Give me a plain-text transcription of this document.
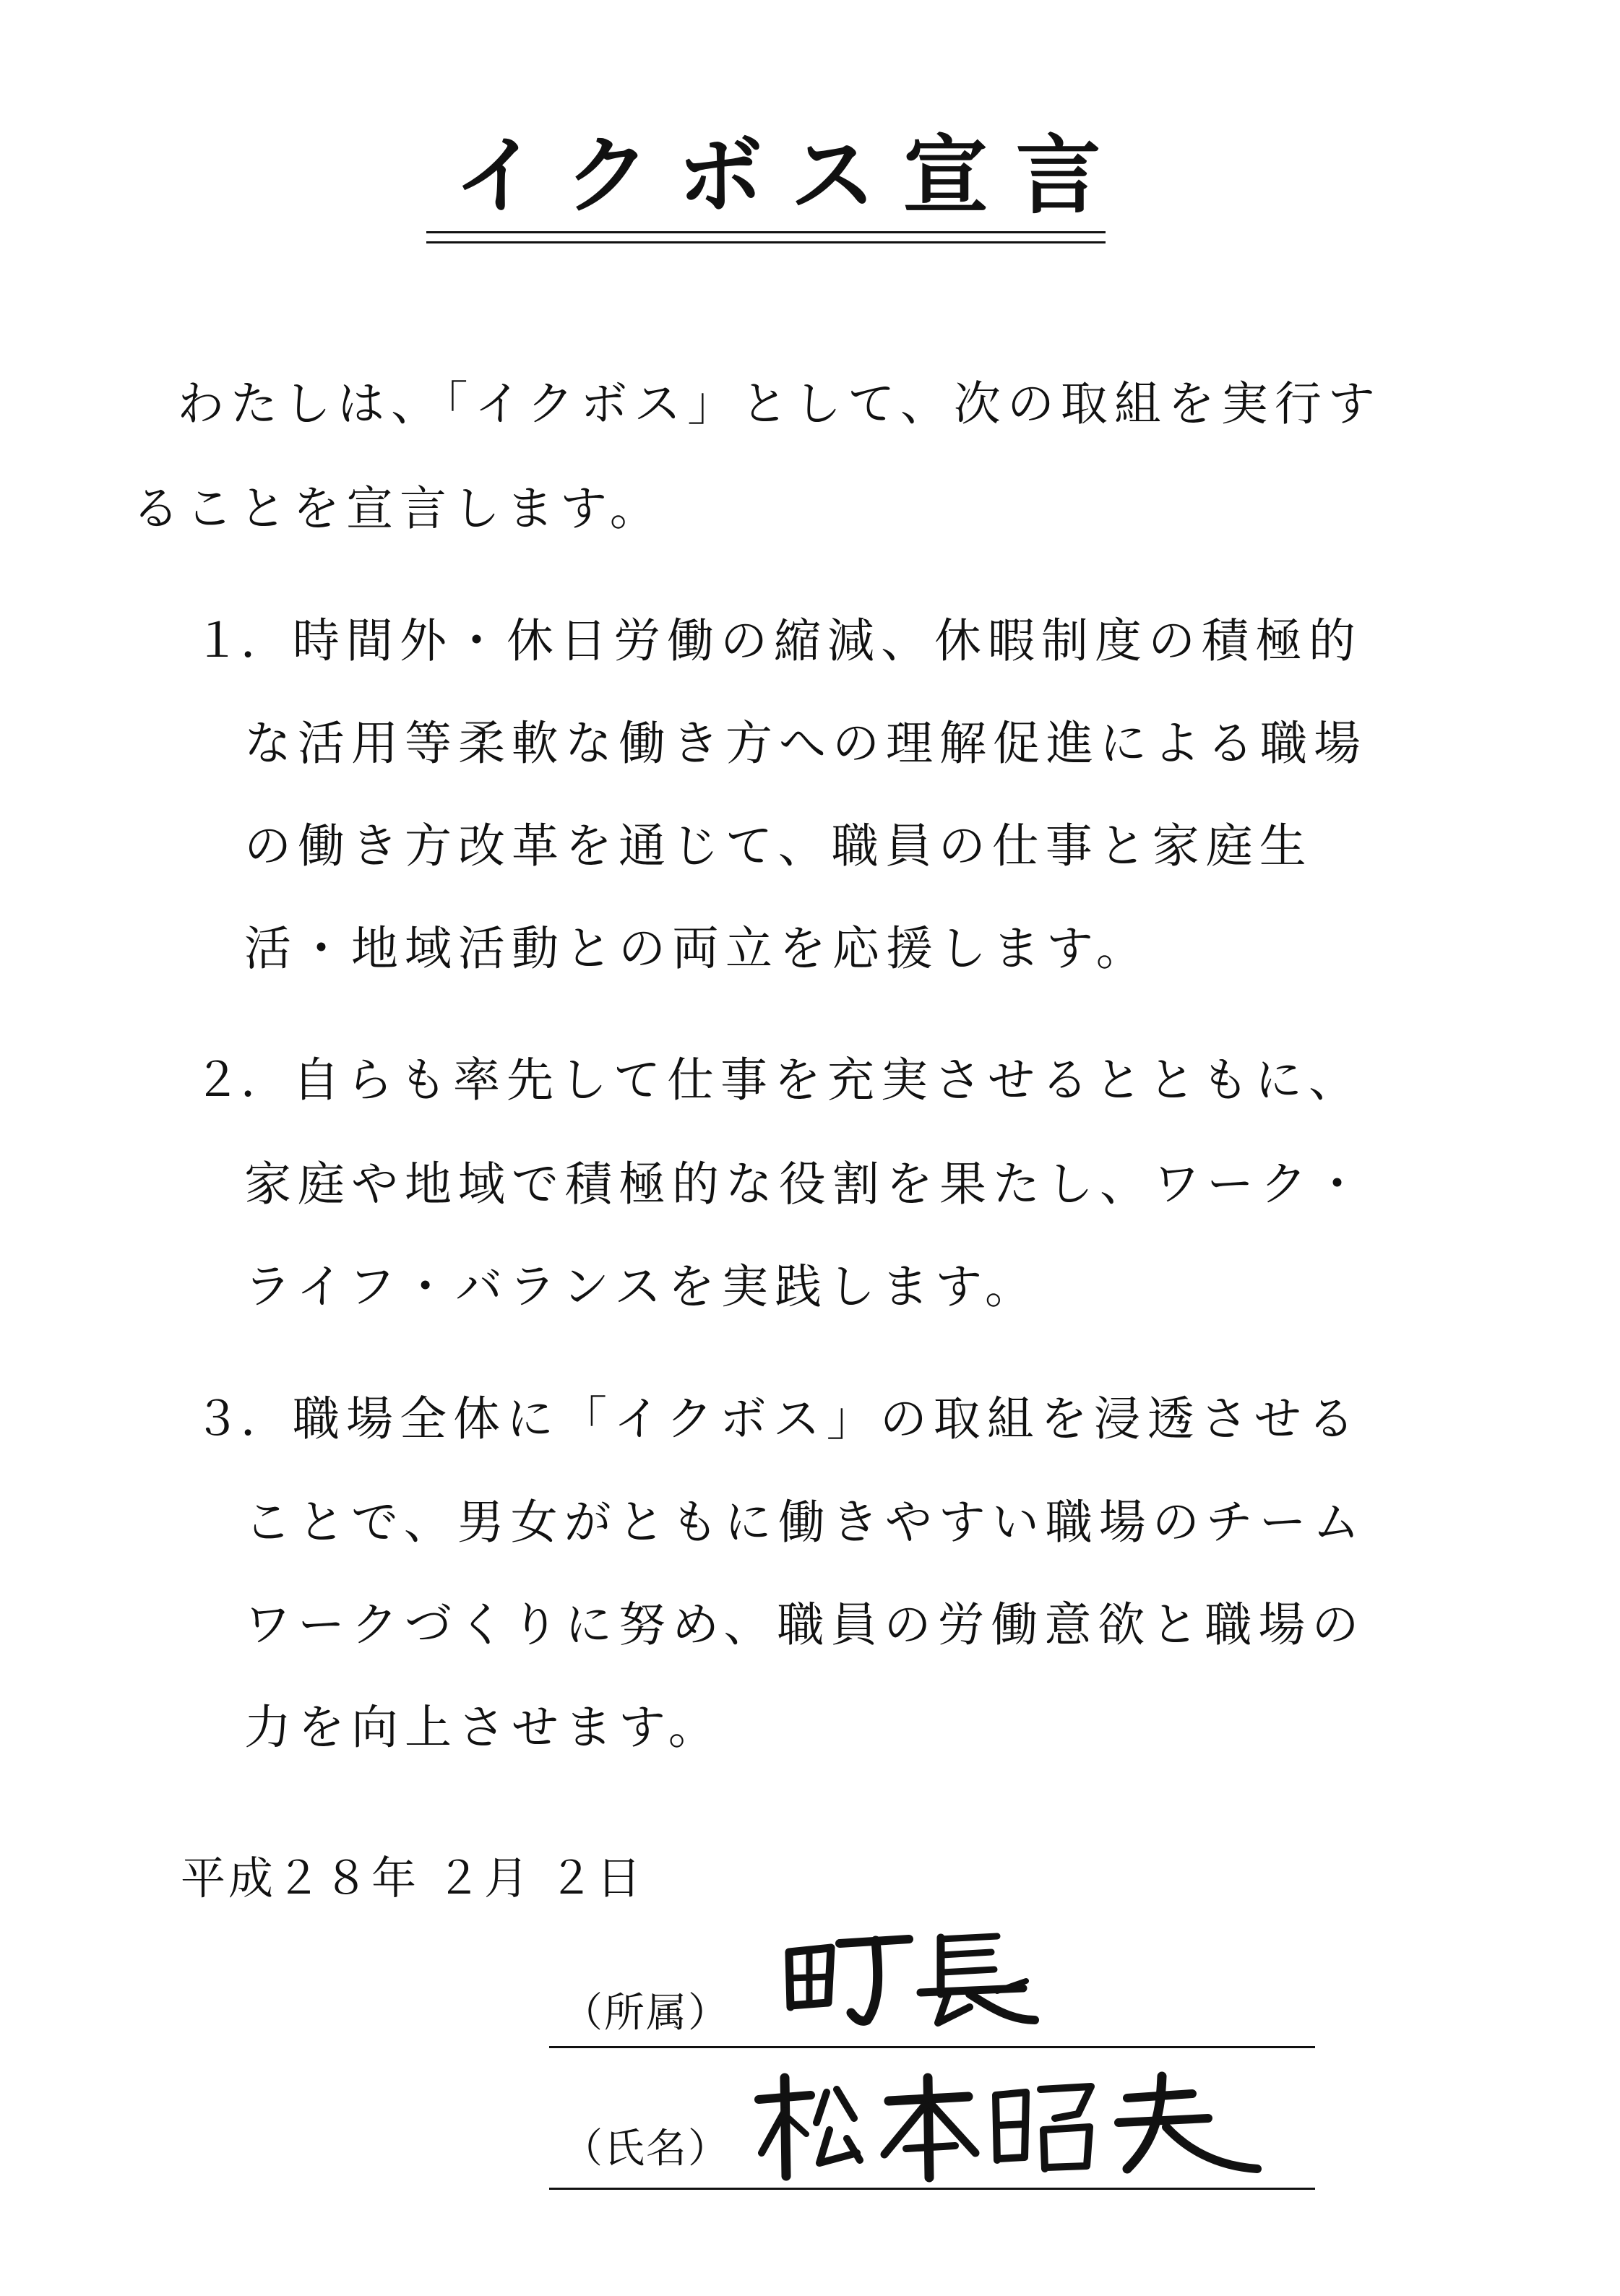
イクボス宣言
わたしは、「イクボス」として、次の取組を実行す
ることを宣言します。
１． 時間外・休日労働の縮減、休暇制度の積極的
な活用等柔軟な働き方への理解促進による職場
の働き方改革を通じて、職員の仕事と家庭生
活・地域活動との両立を応援します。
２． 自らも率先して仕事を充実させるとともに、
家庭や地域で積極的な役割を果たし、ワーク・
ライフ・バランスを実践します。
３． 職場全体に「イクボス」の取組を浸透させる
ことで、男女がともに働きやすい職場のチーム
ワークづくりに努め、職員の労働意欲と職場の
力を向上させます。
平成２８年 ２月 ２日
（所属）
（氏名）
